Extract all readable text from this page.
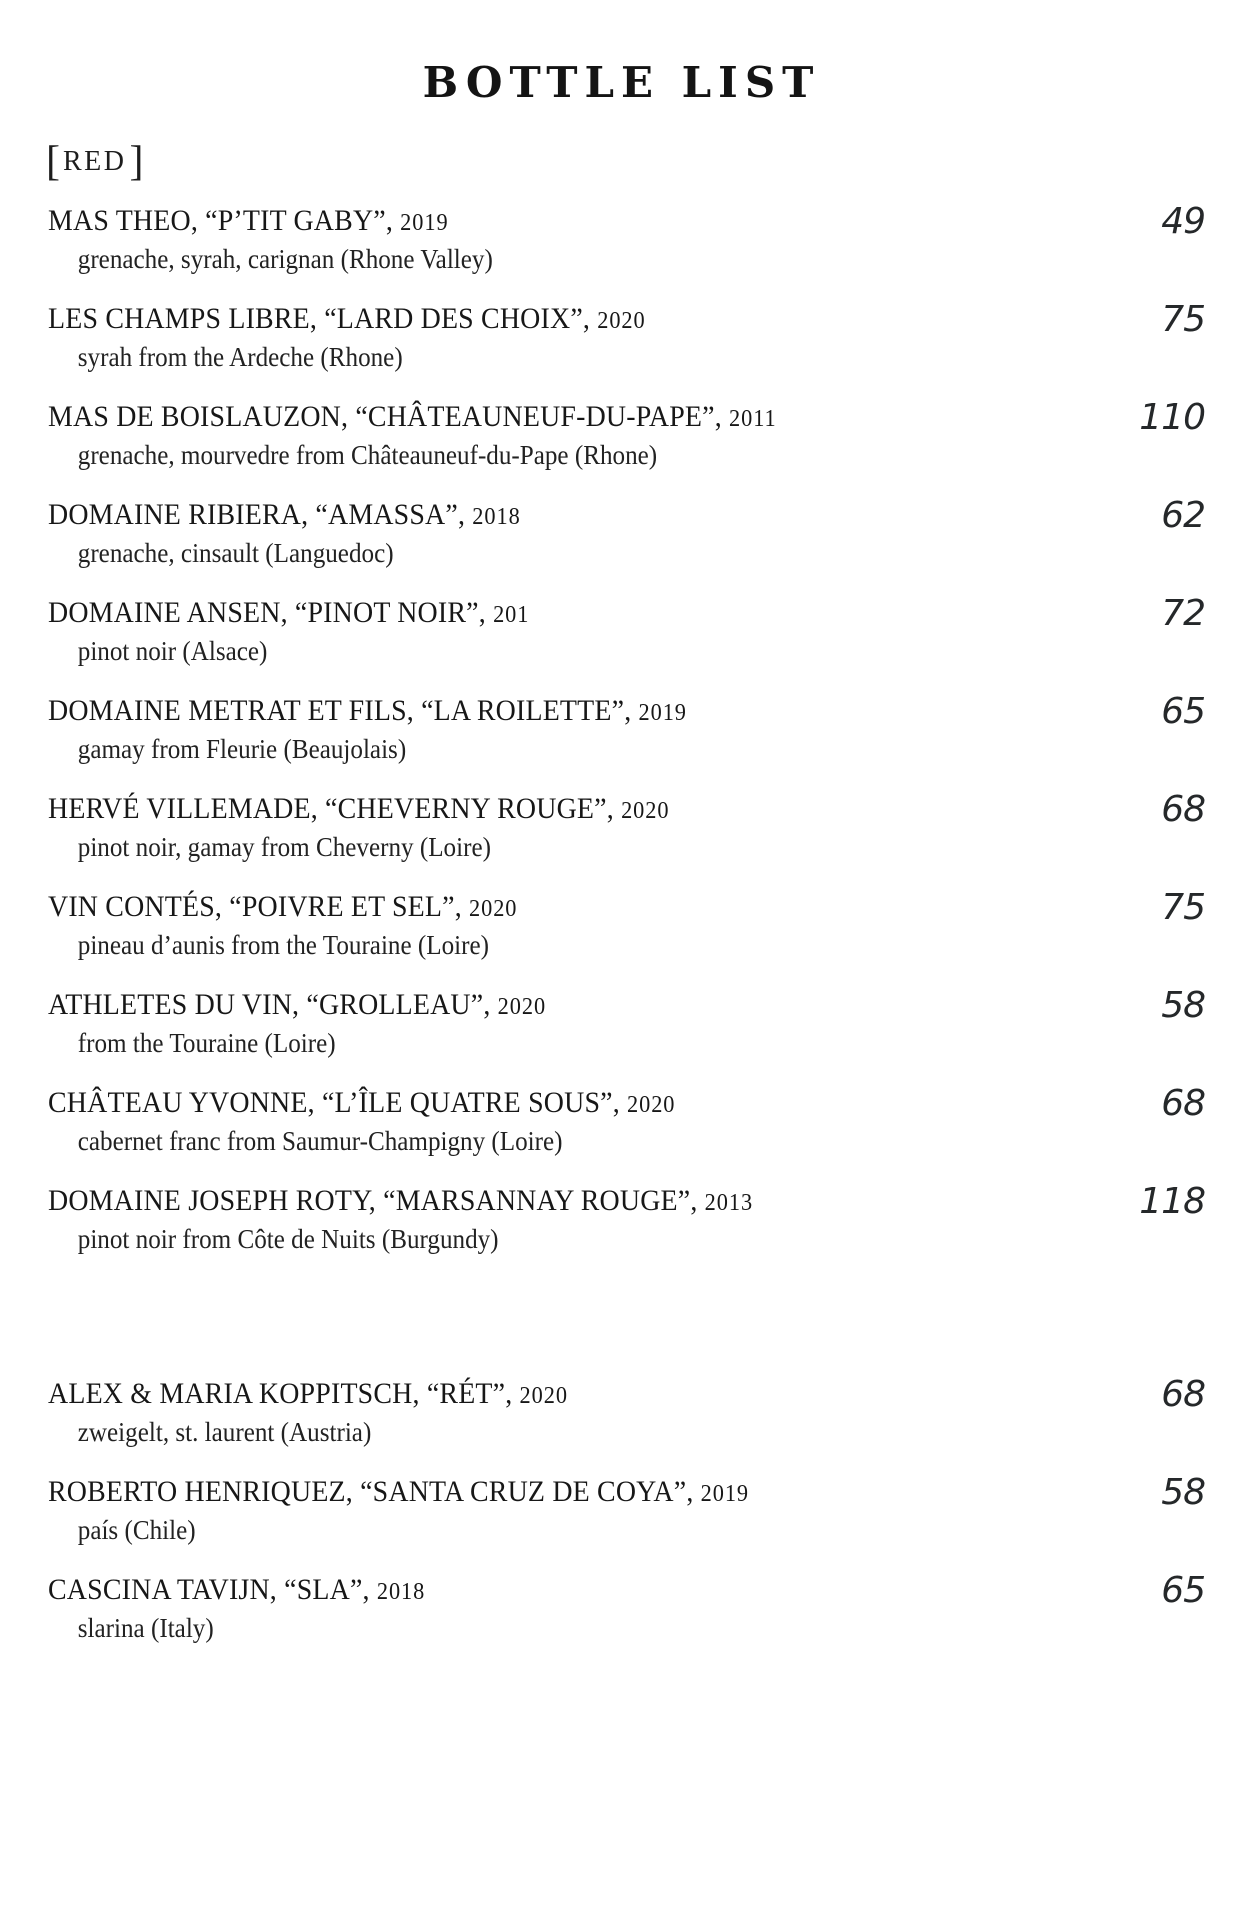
BOTTLE LIST
[ RED]
MAS THEO, “P’TIT GABY”, 2019
grenache, syrah, carignan (Rhone Valley)
49
LES CHAMPS LIBRE, “LARD DES CHOIX”, 2020
syrah from the Ardeche (Rhone)
75
MAS DE BOISLAUZON, “CHÂTEAUNEUF-DU-PAPE”, 2011
grenache, mourvedre from Châteauneuf-du-Pape (Rhone)
110
DOMAINE RIBIERA, “AMASSA”, 2018
grenache, cinsault (Languedoc)
62
DOMAINE ANSEN, “PINOT NOIR”, 201
pinot noir (Alsace)
72
DOMAINE METRAT ET FILS, “LA ROILETTE”, 2019
gamay from Fleurie (Beaujolais)
65
HERVÉ VILLEMADE, “CHEVERNY ROUGE”, 2020
pinot noir, gamay from Cheverny (Loire)
68
VIN CONTÉS, “POIVRE ET SEL”, 2020
pineau d’aunis from the Touraine (Loire)
75
ATHLETES DU VIN, “GROLLEAU”, 2020
from the Touraine (Loire)
58
CHÂTEAU YVONNE, “L’ÎLE QUATRE SOUS”, 2020
cabernet franc from Saumur-Champigny (Loire)
68
DOMAINE JOSEPH ROTY, “MARSANNAY ROUGE”, 2013
pinot noir from Côte de Nuits (Burgundy)
118
ALEX & MARIA KOPPITSCH, “RÉT”, 2020
zweigelt, st. laurent (Austria)
68
ROBERTO HENRIQUEZ, “SANTA CRUZ DE COYA”, 2019
país (Chile)
58
CASCINA TAVIJN, “SLA”, 2018
slarina (Italy)
65
